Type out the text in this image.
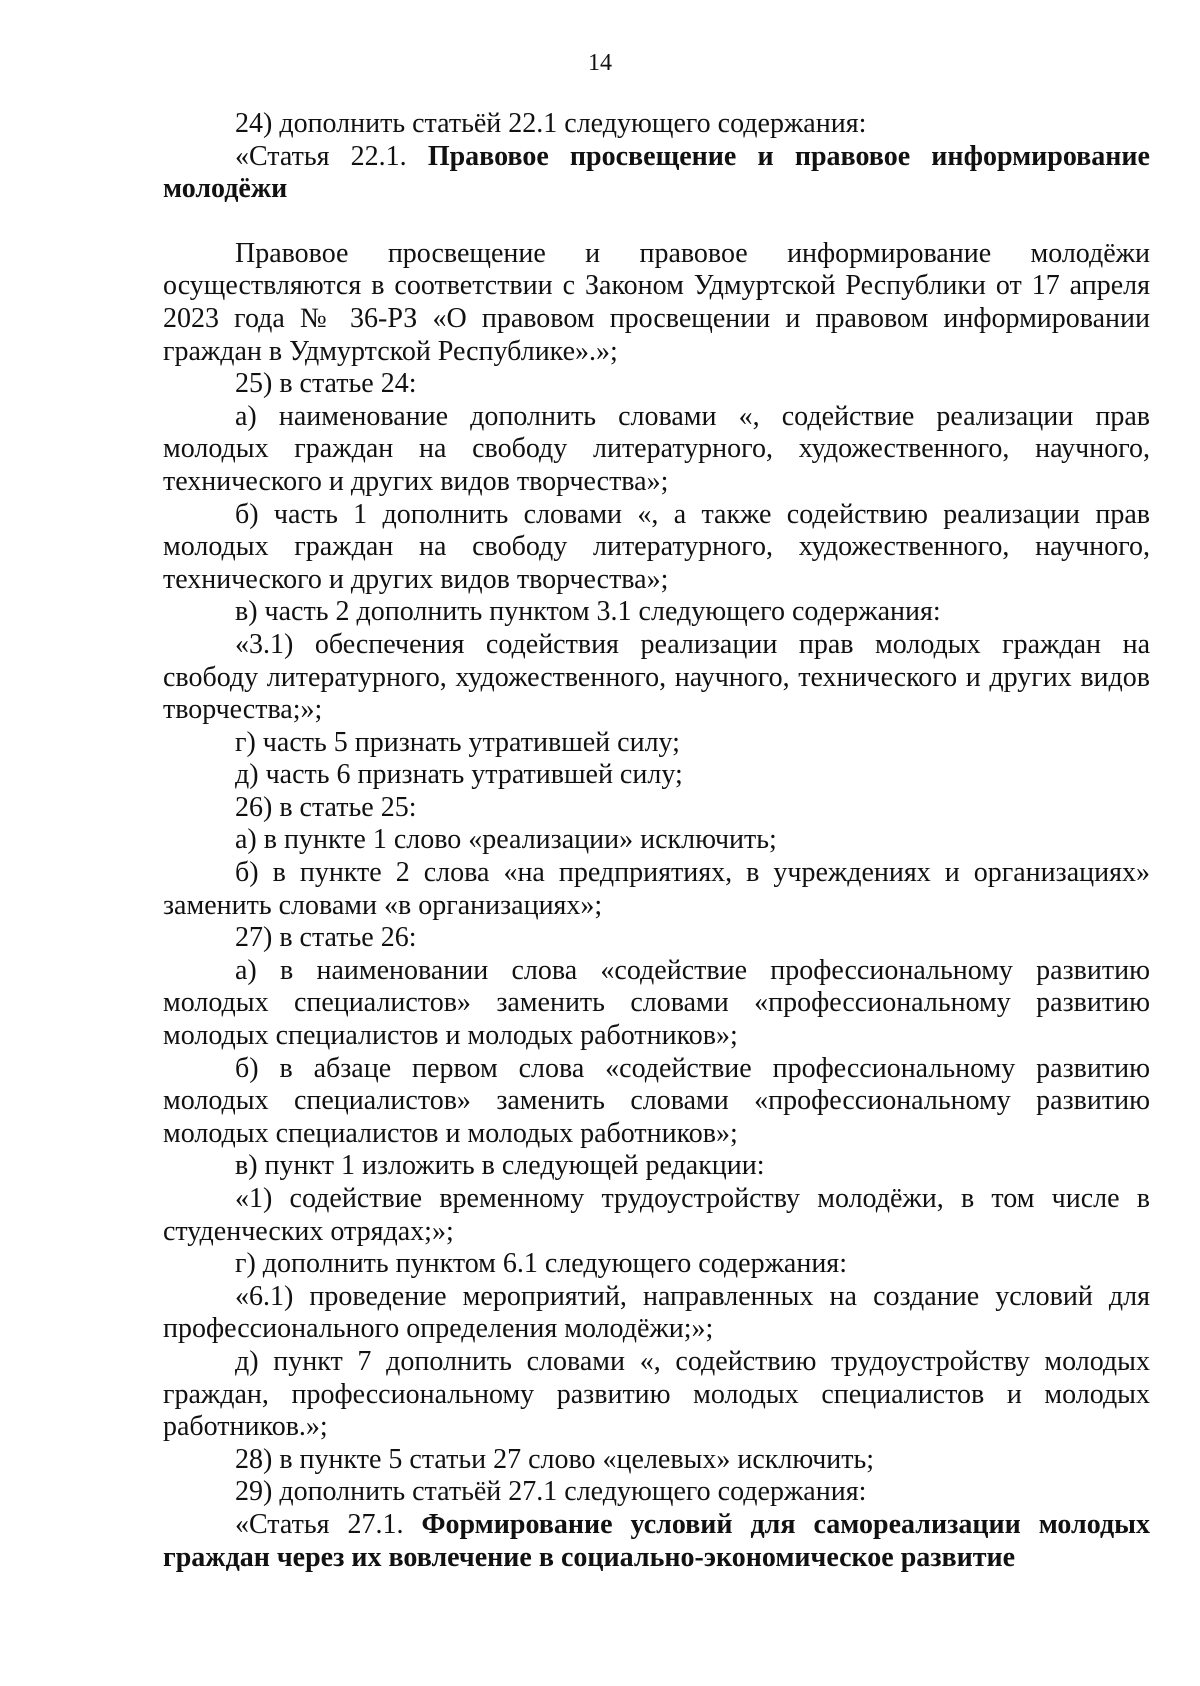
14

24) дополнить статьёй 22.1 следующего содержания:

«Статья 22.1. Правовое просвещение и правовое информирование молодёжи

Правовое просвещение и правовое информирование молодёжи осуществляются в соответствии с Законом Удмуртской Республики от 17 апреля 2023 года № 36-РЗ «О правовом просвещении и правовом информировании граждан в Удмуртской Республике».»;

25) в статье 24:

а) наименование дополнить словами «, содействие реализации прав молодых граждан на свободу литературного, художественного, научного, технического и других видов творчества»;

б) часть 1 дополнить словами «, а также содействию реализации прав молодых граждан на свободу литературного, художественного, научного, технического и других видов творчества»;

в) часть 2 дополнить пунктом 3.1 следующего содержания:

«3.1) обеспечения содействия реализации прав молодых граждан на свободу литературного, художественного, научного, технического и других видов творчества;»;

г) часть 5 признать утратившей силу;

д) часть 6 признать утратившей силу;

26) в статье 25:

а) в пункте 1 слово «реализации» исключить;

б) в пункте 2 слова «на предприятиях, в учреждениях и организациях» заменить словами «в организациях»;

27) в статье 26:

а) в наименовании слова «содействие профессиональному развитию молодых специалистов» заменить словами «профессиональному развитию молодых специалистов и молодых работников»;

б) в абзаце первом слова «содействие профессиональному развитию молодых специалистов» заменить словами «профессиональному развитию молодых специалистов и молодых работников»;

в) пункт 1 изложить в следующей редакции:

«1) содействие временному трудоустройству молодёжи, в том числе в студенческих отрядах;»;

г) дополнить пунктом 6.1 следующего содержания:

«6.1) проведение мероприятий, направленных на создание условий для профессионального определения молодёжи;»;

д) пункт 7 дополнить словами «, содействию трудоустройству молодых граждан, профессиональному развитию молодых специалистов и молодых работников.»;

28) в пункте 5 статьи 27 слово «целевых» исключить;

29) дополнить статьёй 27.1 следующего содержания:

«Статья 27.1. Формирование условий для самореализации молодых граждан через их вовлечение в социально-экономическое развитие
